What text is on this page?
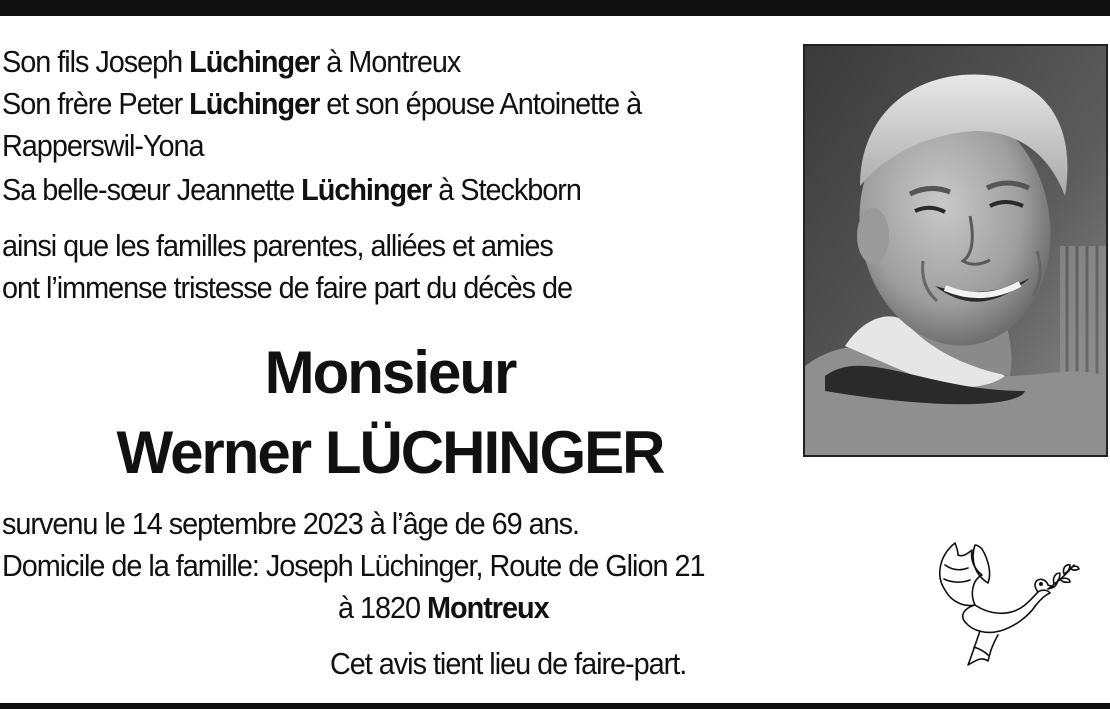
Son fils Joseph Lüchinger à Montreux
Son frère Peter Lüchinger et son épouse Antoinette à
Rapperswil-Yona
Sa belle-sœur Jeannette Lüchinger à Steckborn
ainsi que les familles parentes, alliées et amies
ont l’immense tristesse de faire part du décès de
Monsieur
Werner LÜCHINGER
survenu le 14 septembre 2023 à l’âge de 69 ans.
Domicile de la famille: Joseph Lüchinger, Route de Glion 21
à 1820 Montreux
Cet avis tient lieu de faire-part.
